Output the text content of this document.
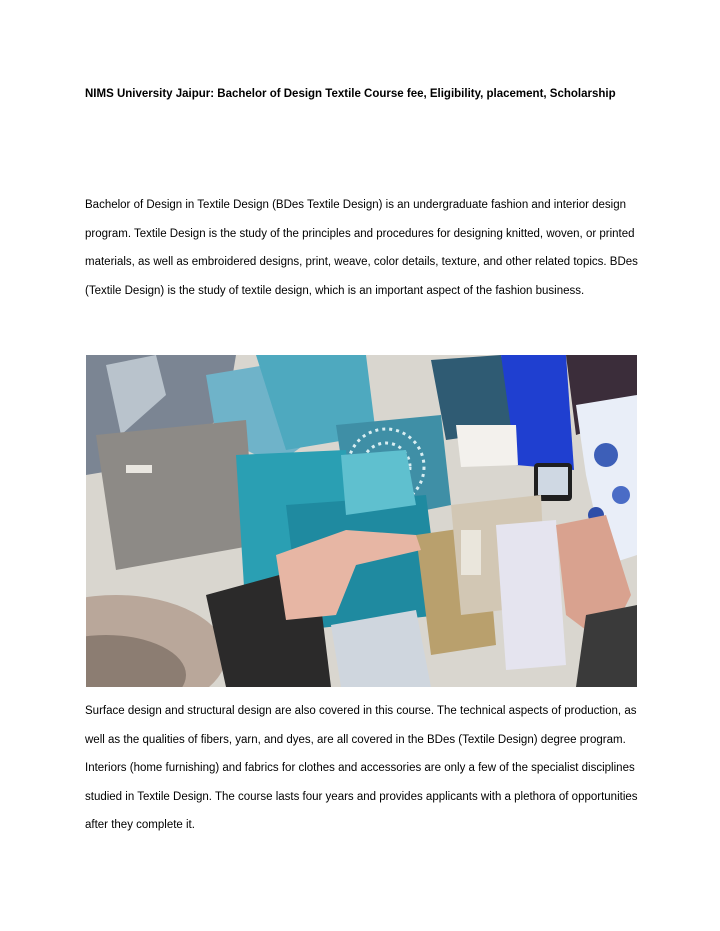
NIMS University Jaipur: Bachelor of Design Textile Course fee, Eligibility, placement, Scholarship

Bachelor of Design in Textile Design (BDes Textile Design) is an undergraduate fashion and interior design program. Textile Design is the study of the principles and procedures for designing knitted, woven, or printed materials, as well as embroidered designs, print, weave, color details, texture, and other related topics. BDes (Textile Design) is the study of textile design, which is an important aspect of the fashion business.

Surface design and structural design are also covered in this course. The technical aspects of production, as well as the qualities of fibers, yarn, and dyes, are all covered in the BDes (Textile Design) degree program. Interiors (home furnishing) and fabrics for clothes and accessories are only a few of the specialist disciplines studied in Textile Design. The course lasts four years and provides applicants with a plethora of opportunities after they complete it.
